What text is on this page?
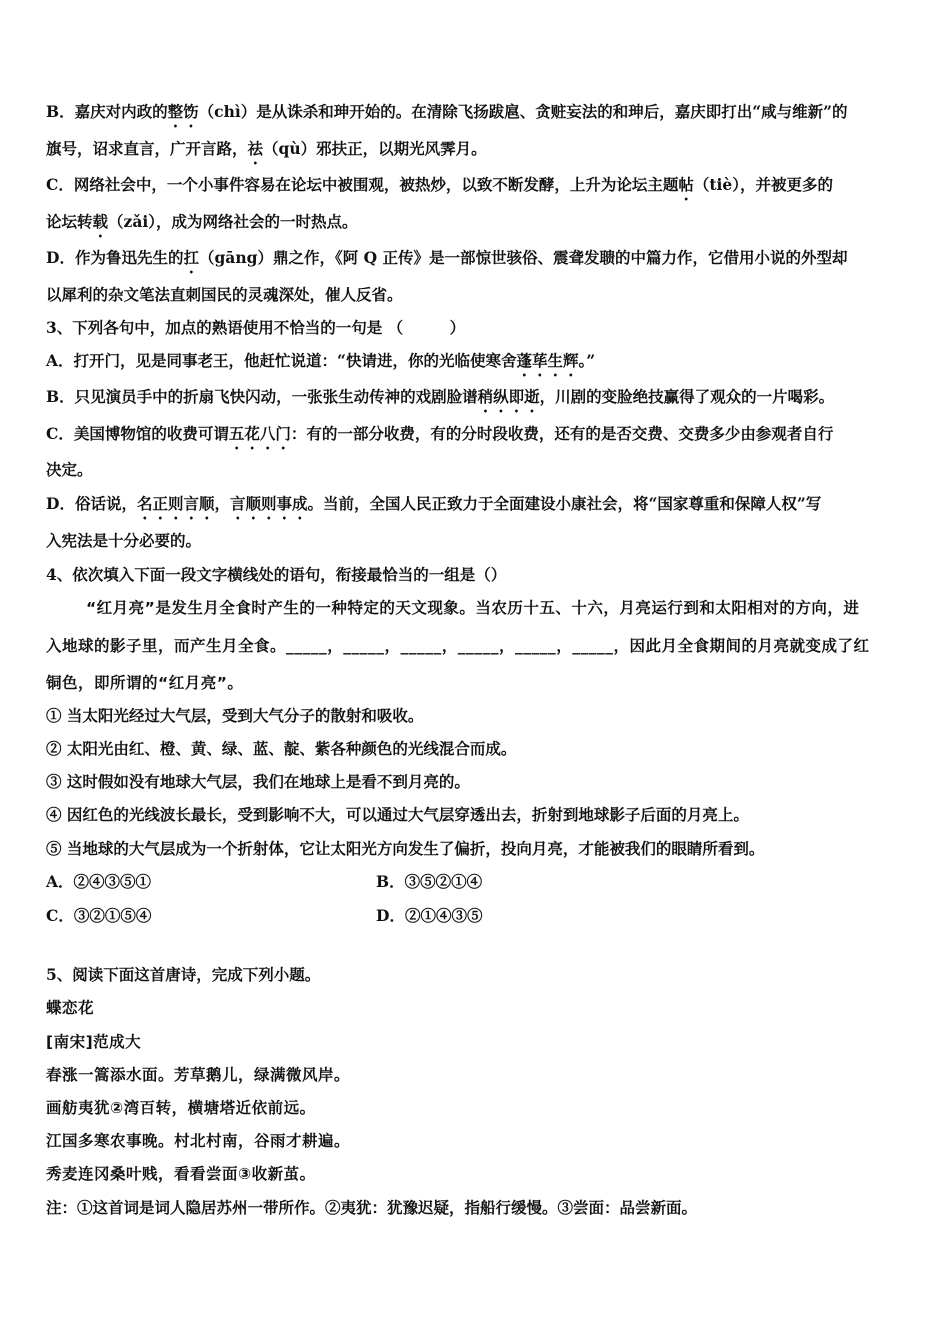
B．嘉庆对内政的整饬（chì）是从诛杀和珅开始的。在清除飞扬跋扈、贪赃妄法的和珅后，嘉庆即打出“咸与维新”的
旗号，诏求直言，广开言路，祛（qù）邪扶正，以期光风霁月。
C．网络社会中，一个小事件容易在论坛中被围观，被热炒，以致不断发酵，上升为论坛主题帖（tiè），并被更多的
论坛转载（zǎi），成为网络社会的一时热点。
D．作为鲁迅先生的扛（gāng）鼎之作，《阿 Q 正传》是一部惊世骇俗、震聋发聩的中篇力作，它借用小说的外型却
以犀利的杂文笔法直刺国民的灵魂深处，催人反省。
3、下列各句中，加点的熟语使用不恰当的一句是 （　　　）
A．打开门，见是同事老王，他赶忙说道：“快请进，你的光临使寒舍蓬荜生辉。”
B．只见演员手中的折扇飞快闪动，一张张生动传神的戏剧脸谱稍纵即逝，川剧的变脸绝技赢得了观众的一片喝彩。
C．美国博物馆的收费可谓五花八门：有的一部分收费，有的分时段收费，还有的是否交费、交费多少由参观者自行
决定。
D．俗话说，名正则言顺，言顺则事成。当前，全国人民正致力于全面建设小康社会，将“国家尊重和保障人权”写
入宪法是十分必要的。
4、依次填入下面一段文字横线处的语句，衔接最恰当的一组是（）
“红月亮”是发生月全食时产生的一种特定的天文现象。当农历十五、十六，月亮运行到和太阳相对的方向，进
入地球的影子里，而产生月全食。_____，_____，_____，_____，_____，_____，因此月全食期间的月亮就变成了红
铜色，即所谓的“红月亮”。
① 当太阳光经过大气层，受到大气分子的散射和吸收。
② 太阳光由红、橙、黄、绿、蓝、靛、紫各种颜色的光线混合而成。
③ 这时假如没有地球大气层，我们在地球上是看不到月亮的。
④ 因红色的光线波长最长，受到影响不大，可以通过大气层穿透出去，折射到地球影子后面的月亮上。
⑤ 当地球的大气层成为一个折射体，它让太阳光方向发生了偏折，投向月亮，才能被我们的眼睛所看到。
A．②④③⑤①	B．③⑤②①④
C．③②①⑤④	D．②①④③⑤
5、阅读下面这首唐诗，完成下列小题。
蝶恋花
[南宋]范成大
春涨一篙添水面。芳草鹅儿，绿满微风岸。
画舫夷犹②湾百转，横塘塔近依前远。
江国多寒农事晚。村北村南，谷雨才耕遍。
秀麦连冈桑叶贱，看看尝面③收新茧。
注：①这首词是词人隐居苏州一带所作。②夷犹：犹豫迟疑，指船行缓慢。③尝面：品尝新面。
